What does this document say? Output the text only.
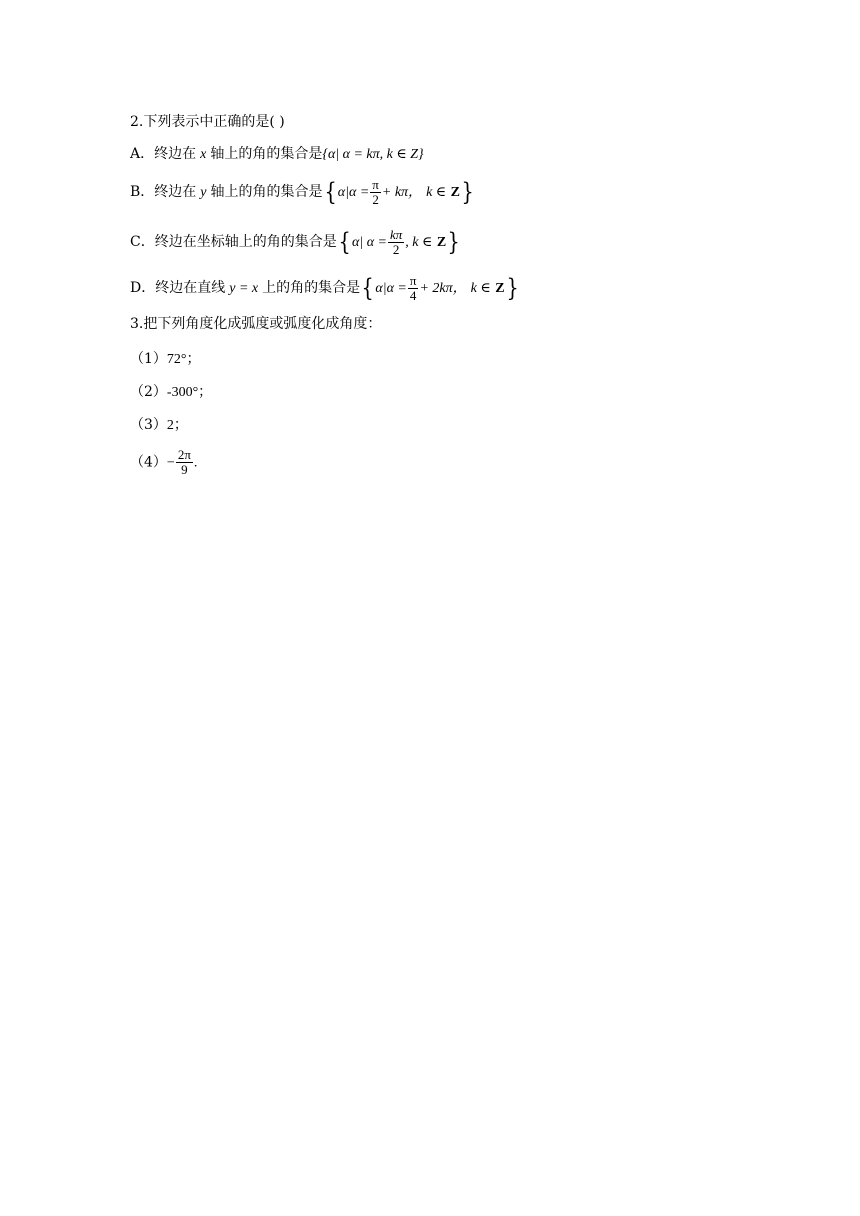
2.下列表示中正确的是( )
A．终边在 x 轴上的角的集合是{α| α = kπ, k ∈ Z}
B．终边在 y 轴上的角的集合是{ $\alpha|\alpha = \frac{\pi}{2} + k\pi$， k ∈ Z}
C．终边在坐标轴上的角的集合是{ α| $\alpha = \frac{k\pi}{2}$ , k ∈ Z}
D．终边在直线 y = x 上的角的集合是{ $\alpha|\alpha = \frac{\pi}{4} + 2k\pi$， k ∈ Z}
3.把下列角度化成弧度或弧度化成角度：
（1）72°；
（2）-300°；
（3）2；
$(4)- \frac{2\pi}{9}$ .
